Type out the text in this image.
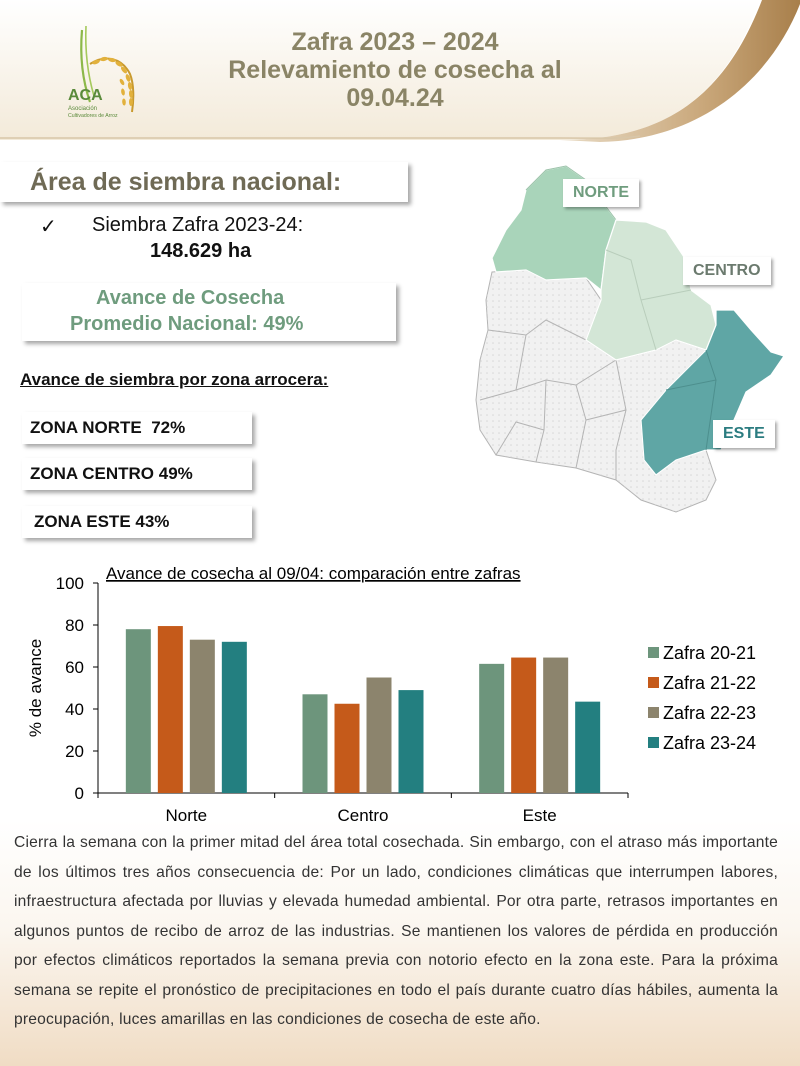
ACA
Asociación
Cultivadores de Arroz
Zafra 2023 – 2024
Relevamiento de cosecha al
09.04.24
Área de siembra nacional:
✓ Siembra Zafra 2023-24:
148.629 ha
Avance de Cosecha
Promedio Nacional: 49%
Avance de siembra por zona arrocera:
ZONA NORTE  72%
ZONA CENTRO 49%
ZONA ESTE 43%
NORTE
CENTRO
ESTE
0
20
40
60
80
100
% de avance
Norte	Centro	Este
Avance de cosecha al 09/04: comparación entre zafras
Zafra 20-21
Zafra 21-22
Zafra 22-23
Zafra 23-24
Cierra la semana con la primer mitad del área total cosechada. Sin embargo, con el atraso más importante de los últimos tres años consecuencia de: Por un lado, condiciones climáticas que interrumpen labores, infraestructura afectada por lluvias y elevada humedad ambiental. Por otra parte, retrasos importantes en algunos puntos de recibo de arroz de las industrias. Se mantienen los valores de pérdida en producción por efectos climáticos reportados la semana previa con notorio efecto en la zona este. Para la próxima semana se repite el pronóstico de precipitaciones en todo el país durante cuatro días hábiles, aumenta la preocupación, luces amarillas en las condiciones de cosecha de este año.
